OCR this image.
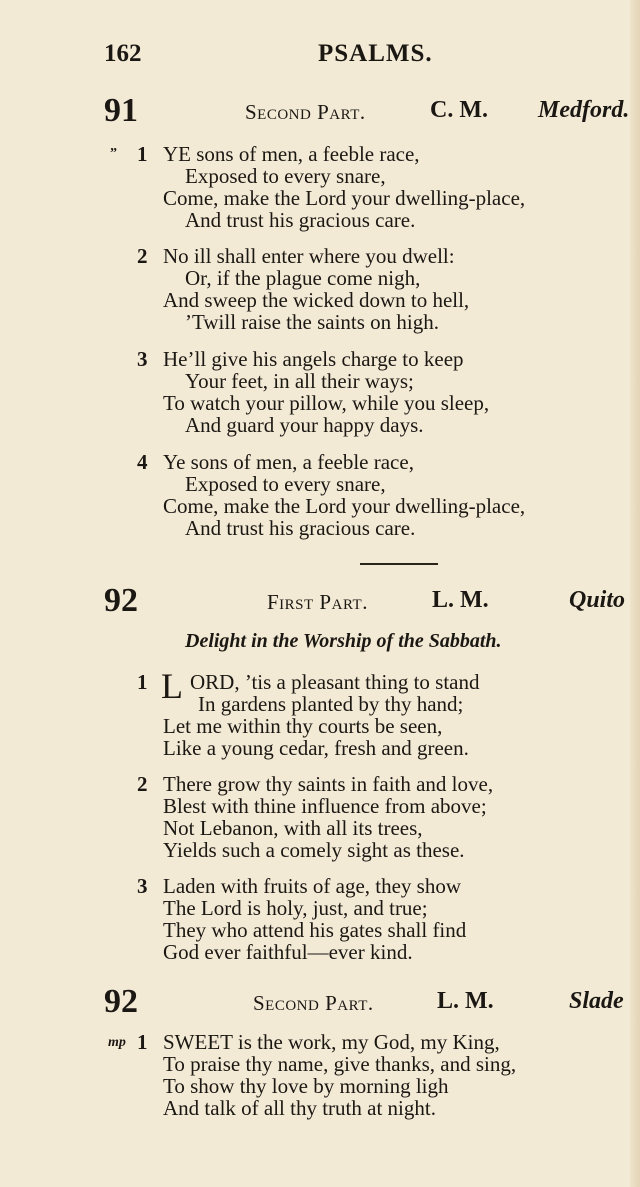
162	PSALMS.
91	Second Part.	C. M. Medford.
” 1 YE sons of men, a feeble race,
Exposed to every snare,
Come, make the Lord your dwelling-place,
And trust his gracious care.
2 No ill shall enter where you dwell:
Or, if the plague come nigh,
And sweep the wicked down to hell,
’Twill raise the saints on high.
3 He’ll give his angels charge to keep
Your feet, in all their ways;
To watch your pillow, while you sleep,
And guard your happy days.
4 Ye sons of men, a feeble race,
Exposed to every snare,
Come, make the Lord your dwelling-place,
And trust his gracious care.
92	First Part.	L. M.	Quito
Delight in the Worship of the Sabbath.
1 L ORD, ’tis a pleasant thing to stand
In gardens planted by thy hand;
Let me within thy courts be seen,
Like a young cedar, fresh and green.
2 There grow thy saints in faith and love,
Blest with thine influence from above;
Not Lebanon, with all its trees,
Yields such a comely sight as these.
3 Laden with fruits of age, they show
The Lord is holy, just, and true;
They who attend his gates shall find
God ever faithful—ever kind.
92	Second Part.	L. M.	Slade
mp 1 SWEET is the work, my God, my King,
To praise thy name, give thanks, and sing,
To show thy love by morning ligh
And talk of all thy truth at night.
